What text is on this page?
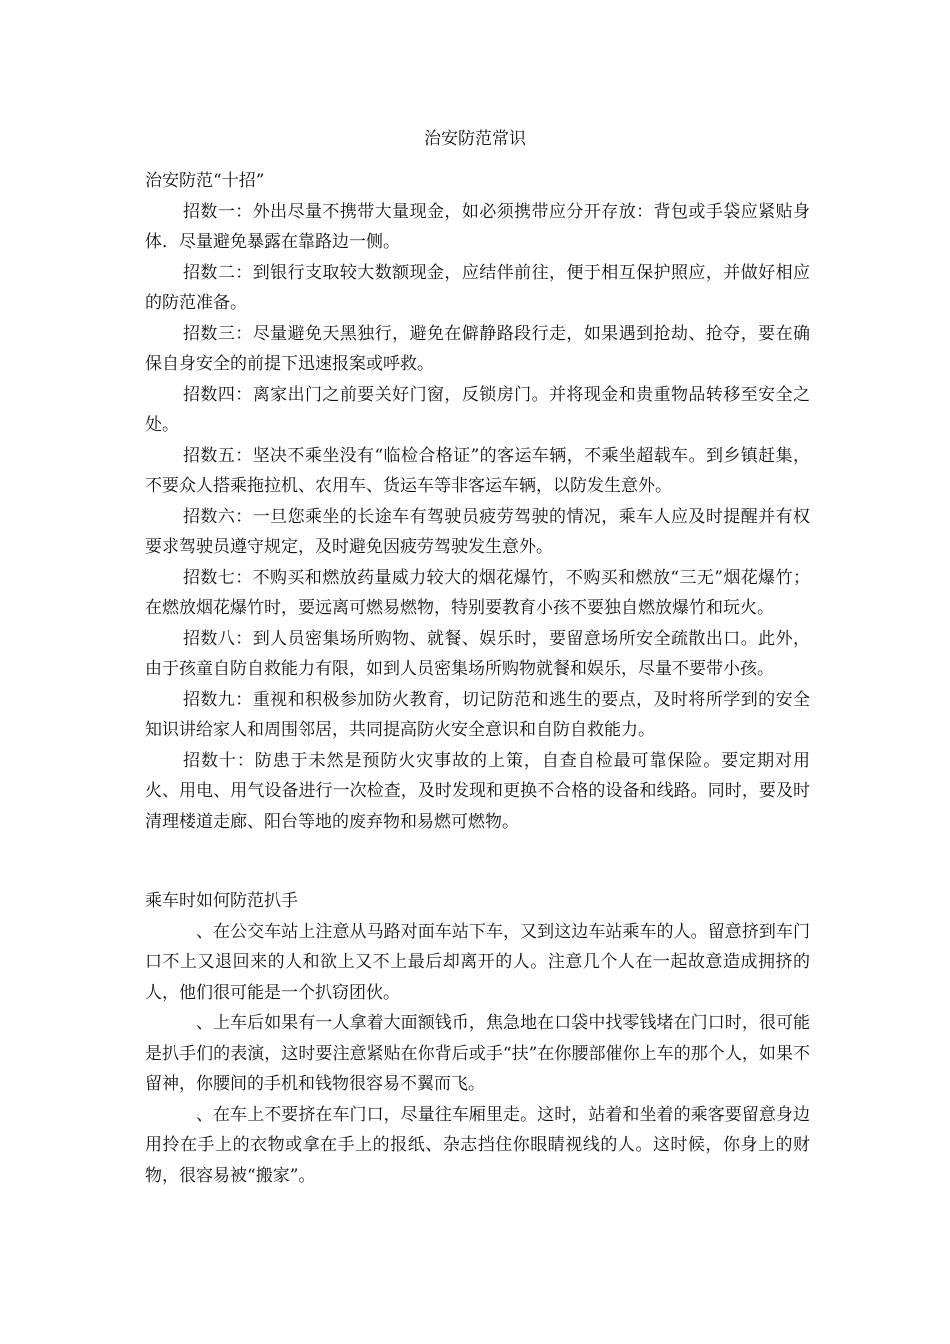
治安防范常识
治安防范“十招”

招数一：外出尽量不携带大量现金，如必须携带应分开存放：背包或手袋应紧贴身体．尽量避免暴露在靠路边一侧。

招数二：到银行支取较大数额现金，应结伴前往，便于相互保护照应，并做好相应的防范准备。

招数三：尽量避免天黑独行，避免在僻静路段行走，如果遇到抢劫、抢夺，要在确保自身安全的前提下迅速报案或呼救。

招数四：离家出门之前要关好门窗，反锁房门。并将现金和贵重物品转移至安全之处。

招数五：坚决不乘坐没有“临检合格证”的客运车辆，不乘坐超载车。到乡镇赶集，不要众人搭乘拖拉机、农用车、货运车等非客运车辆，以防发生意外。

招数六：一旦您乘坐的长途车有驾驶员疲劳驾驶的情况，乘车人应及时提醒并有权要求驾驶员遵守规定，及时避免因疲劳驾驶发生意外。

招数七：不购买和燃放药量威力较大的烟花爆竹，不购买和燃放“三无”烟花爆竹；在燃放烟花爆竹时，要远离可燃易燃物，特别要教育小孩不要独自燃放爆竹和玩火。

招数八：到人员密集场所购物、就餐、娱乐时，要留意场所安全疏散出口。此外，由于孩童自防自救能力有限，如到人员密集场所购物就餐和娱乐，尽量不要带小孩。

招数九：重视和积极参加防火教育，切记防范和逃生的要点，及时将所学到的安全知识讲给家人和周围邻居，共同提高防火安全意识和自防自救能力。

招数十：防患于未然是预防火灾事故的上策，自查自检最可靠保险。要定期对用火、用电、用气设备进行一次检查，及时发现和更换不合格的设备和线路。同时，要及时清理楼道走廊、阳台等地的废弃物和易燃可燃物。

乘车时如何防范扒手

、在公交车站上注意从马路对面车站下车，又到这边车站乘车的人。留意挤到车门口不上又退回来的人和欲上又不上最后却离开的人。注意几个人在一起故意造成拥挤的人，他们很可能是一个扒窃团伙。

、上车后如果有一人拿着大面额钱币，焦急地在口袋中找零钱堵在门口时，很可能是扒手们的表演，这时要注意紧贴在你背后或手“扶”在你腰部催你上车的那个人，如果不留神，你腰间的手机和钱物很容易不翼而飞。

、在车上不要挤在车门口，尽量往车厢里走。这时，站着和坐着的乘客要留意身边用拎在手上的衣物或拿在手上的报纸、杂志挡住你眼睛视线的人。这时候，你身上的财物，很容易被“搬家”。
